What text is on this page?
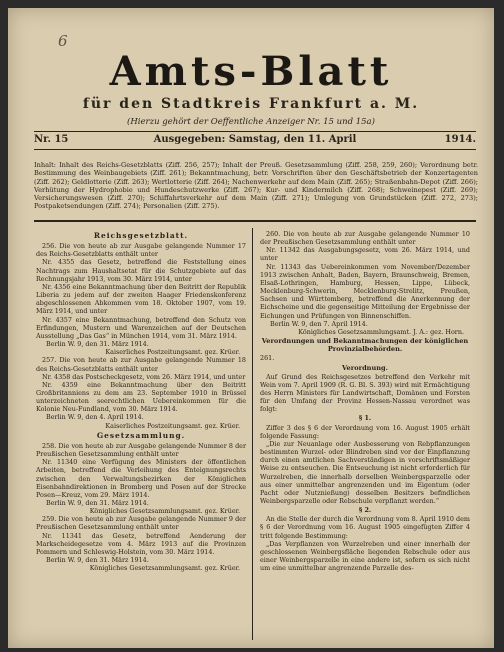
6
Amts-Blatt
für den Stadtkreis Frankfurt a. M.
(Hierzu gehört der Oeffentliche Anzeiger Nr. 15 und 15a)
Nr. 15	Ausgegeben: Samstag, den 11. April	1914.
Inhalt: Inhalt des Reichs-Gesetzblatts (Ziff. 256, 257); Inhalt der Preuß. Gesetzsammlung (Ziff. 258, 259, 260); Verordnung betr. Bestimmung des Weinbaugebiets (Ziff. 261); Bekanntmachung, betr. Vorschriften über den Geschäftsbetrieb der Konzertagenten (Ziff. 262); Geldlotterie (Ziff. 263); Wertlotterie (Ziff. 264); Nachenwerkehr auf dem Main (Ziff. 265); Straßenbahn-Depot (Ziff. 266); Verhütung der Hydrophobie und Hundeschutzwerke (Ziff. 267); Kur- und Kindermilch (Ziff. 268); Schweinepest (Ziff. 269); Versicherungswesen (Ziff. 270); Schiffahrtsverkehr auf dem Main (Ziff. 271); Umlegung von Grundstücken (Ziff. 272, 273); Postpaketsendungen (Ziff. 274); Personalien (Ziff. 275).
Reichsgesetzblatt.

256. Die von heute ab zur Ausgabe gelangende Nummer 17 des Reichs-Gesetzblatts enthält unter

Nr. 4355 das Gesetz, betreffend die Feststellung eines Nachtrags zum Haushaltsetat für die Schutzgebiete auf das Rechnungsjahr 1913, vom 30. März 1914, unter

Nr. 4356 eine Bekanntmachung über den Beitritt der Republik Liberia zu jedem auf der zweiten Haager Friedenskonferenz abgeschlossenen Abkommen vom 18. Oktober 1907, vom 19. März 1914, und unter

Nr. 4357 eine Bekanntmachung, betreffend den Schutz von Erfindungen, Mustern und Warenzeichen auf der Deutschen Ausstellung „Das Gas“ in München 1914, vom 31. März 1914.

Berlin W. 9, den 31. März 1914.

Kaiserliches Postzeitungsamt. gez. Krüer.

257. Die von heute ab zur Ausgabe gelangende Nummer 18 des Reichs-Gesetzblatts enthält unter

Nr. 4358 das Postscheckgesetz, vom 26. März 1914, und unter

Nr. 4359 eine Bekanntmachung über den Beitritt Großbritanniens zu dem am 23. September 1910 in Brüssel unterzeichneten seerechtlichen Uebereinkommen für die Kolonie Neu-Fundland, vom 30. März 1914.

Berlin W. 9, den 4. April 1914.

Kaiserliches Postzeitungsamt. gez. Krüer.

Gesetzsammlung.

258. Die von heute ab zur Ausgabe gelangende Nummer 8 der Preußischen Gesetzsammlung enthält unter

Nr. 11340 eine Verfügung des Ministers der öffentlichen Arbeiten, betreffend die Verleihung des Enteignungsrechts zwischen den Verwaltungsbezirken der Königlichen Eisenbahndirektionen in Bromberg und Posen auf der Strecke Posen—Kreuz, vom 29. März 1914.

Berlin W. 9, den 31. März 1914.

Königliches Gesetzsammlungsamt. gez. Krüer.

259. Die von heute ab zur Ausgabe gelangende Nummer 9 der Preußischen Gesetzsammlung enthält unter

Nr. 11341 das Gesetz, betreffend Aenderung der Markscheidegesetze vom 4. März 1913 auf die Provinzen Pommern und Schleswig-Holstein, vom 30. März 1914.

Berlin W. 9, den 31. März 1914.

Königliches Gesetzsammlungsamt. gez. Krüer.

260. Die von heute ab zur Ausgabe gelangende Nummer 10 der Preußischen Gesetzsammlung enthält unter

Nr. 11342 das Ausgabungsgesetz, vom 26. März 1914, und unter

Nr. 11343 das Uebereinkommen vom November/Dezember 1913 zwischen Anhalt, Baden, Bayern, Braunschweig, Bremen, Elsaß-Lothringen, Hamburg, Hessen, Lippe, Lübeck, Mecklenburg-Schwerin, Mecklenburg-Strelitz, Preußen, Sachsen und Württemberg, betreffend die Anerkennung der Eichscheine und die gegenseitige Mitteilung der Ergebnisse der Eichungen und Prüfungen von Binnenschiffen.

Berlin W. 9, den 7. April 1914.

Königliches Gesetzsammlungsamt. J. A.: gez. Horn.

Verordnungen und Bekanntmachungen der königlichen Provinzialbehörden.

261.

Verordnung.

Auf Grund des Reichsgesetzes betreffend den Verkehr mit Wein vom 7. April 1909 (R. G. Bl. S. 393) wird mit Ermächtigung des Herrn Ministers für Landwirtschaft, Domänen und Forsten für den Umfang der Provinz Hessen-Nassau verordnet was folgt:

§ 1.

Ziffer 3 des § 6 der Verordnung vom 16. August 1905 erhält folgende Fassung:

„Die zur Neuanlage oder Ausbesserung von Rebpflanzungen bestimmten Wurzel- oder Blindreben sind vor der Einpflanzung durch einen amtlichen Sachverständigen in vorschriftsmäßiger Weise zu entseuchen. Die Entseuchung ist nicht erforderlich für Wurzelreben, die innerhalb derselben Weinbergsparzelle oder aus einer unmittelbar angrenzenden und im Eigentum (oder Pacht oder Nutznießung) desselben Besitzers befindlichen Weinbergsparzelle oder Rebschule verpflanzt werden.“

§ 2.

An die Stelle der durch die Verordnung vom 8. April 1910 dem § 6 der Verordnung vom 16. August 1905 eingefügten Ziffer 4 tritt folgende Bestimmung:

„Das Verpflanzen von Wurzelreben und einer innerhalb der geschlossenen Weinbergsfläche liegenden Rebschule oder aus einer Weinbergsparzelle in eine andere ist, sofern es sich nicht um eine unmittelbar angrenzende Parzelle des-
